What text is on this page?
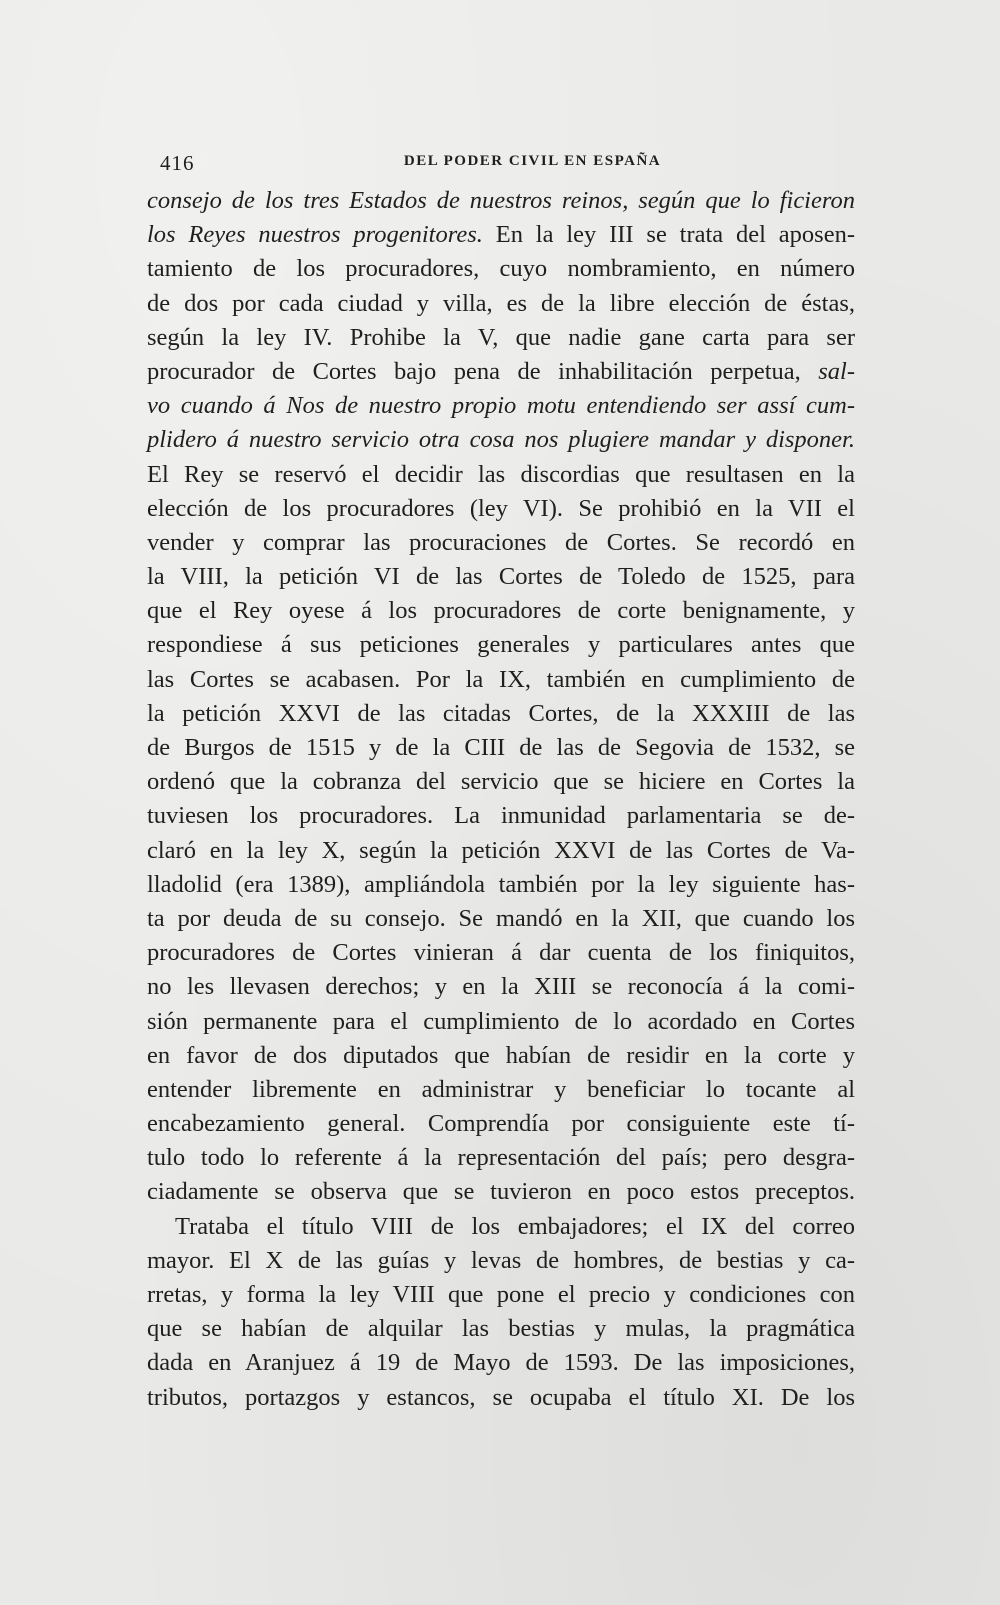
416	DEL PODER CIVIL EN ESPAÑA
consejo de los tres Estados de nuestros reinos, según que lo ficieron
los Reyes nuestros progenitores. En la ley III se trata del aposen-
tamiento de los procuradores, cuyo nombramiento, en número
de dos por cada ciudad y villa, es de la libre elección de éstas,
según la ley IV. Prohibe la V, que nadie gane carta para ser
procurador de Cortes bajo pena de inhabilitación perpetua, sal-
vo cuando á Nos de nuestro propio motu entendiendo ser assí cum-
plidero á nuestro servicio otra cosa nos plugiere mandar y disponer.
El Rey se reservó el decidir las discordias que resultasen en la
elección de los procuradores (ley VI). Se prohibió en la VII el
vender y comprar las procuraciones de Cortes. Se recordó en
la VIII, la petición VI de las Cortes de Toledo de 1525, para
que el Rey oyese á los procuradores de corte benignamente, y
respondiese á sus peticiones generales y particulares antes que
las Cortes se acabasen. Por la IX, también en cumplimiento de
la petición XXVI de las citadas Cortes, de la XXXIII de las
de Burgos de 1515 y de la CIII de las de Segovia de 1532, se
ordenó que la cobranza del servicio que se hiciere en Cortes la
tuviesen los procuradores. La inmunidad parlamentaria se de-
claró en la ley X, según la petición XXVI de las Cortes de Va-
lladolid (era 1389), ampliándola también por la ley siguiente has-
ta por deuda de su consejo. Se mandó en la XII, que cuando los
procuradores de Cortes vinieran á dar cuenta de los finiquitos,
no les llevasen derechos; y en la XIII se reconocía á la comi-
sión permanente para el cumplimiento de lo acordado en Cortes
en favor de dos diputados que habían de residir en la corte y
entender libremente en administrar y beneficiar lo tocante al
encabezamiento general. Comprendía por consiguiente este tí-
tulo todo lo referente á la representación del país; pero desgra-
ciadamente se observa que se tuvieron en poco estos preceptos.
Trataba el título VIII de los embajadores; el IX del correo
mayor. El X de las guías y levas de hombres, de bestias y ca-
rretas, y forma la ley VIII que pone el precio y condiciones con
que se habían de alquilar las bestias y mulas, la pragmática
dada en Aranjuez á 19 de Mayo de 1593. De las imposiciones,
tributos, portazgos y estancos, se ocupaba el título XI. De los
